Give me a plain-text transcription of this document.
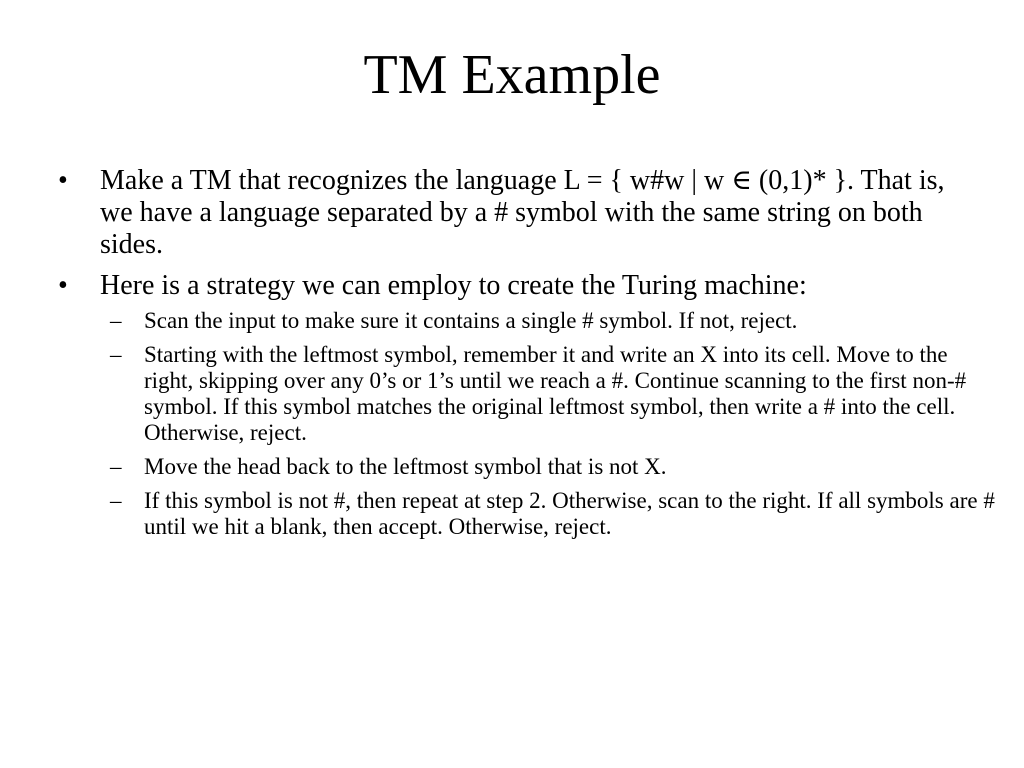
TM Example
• Make a TM that recognizes the language L = { w#w | w ∈ (0,1)* }. That is, we have a language separated by a # symbol with the same string on both sides.
• Here is a strategy we can employ to create the Turing machine:
– Scan the input to make sure it contains a single # symbol. If not, reject.
– Starting with the leftmost symbol, remember it and write an X into its cell. Move to the right, skipping over any 0’s or 1’s until we reach a #. Continue scanning to the first non-# symbol. If this symbol matches the original leftmost symbol, then write a # into the cell. Otherwise, reject.
– Move the head back to the leftmost symbol that is not X.
– If this symbol is not #, then repeat at step 2. Otherwise, scan to the right. If all symbols are # until we hit a blank, then accept. Otherwise, reject.
